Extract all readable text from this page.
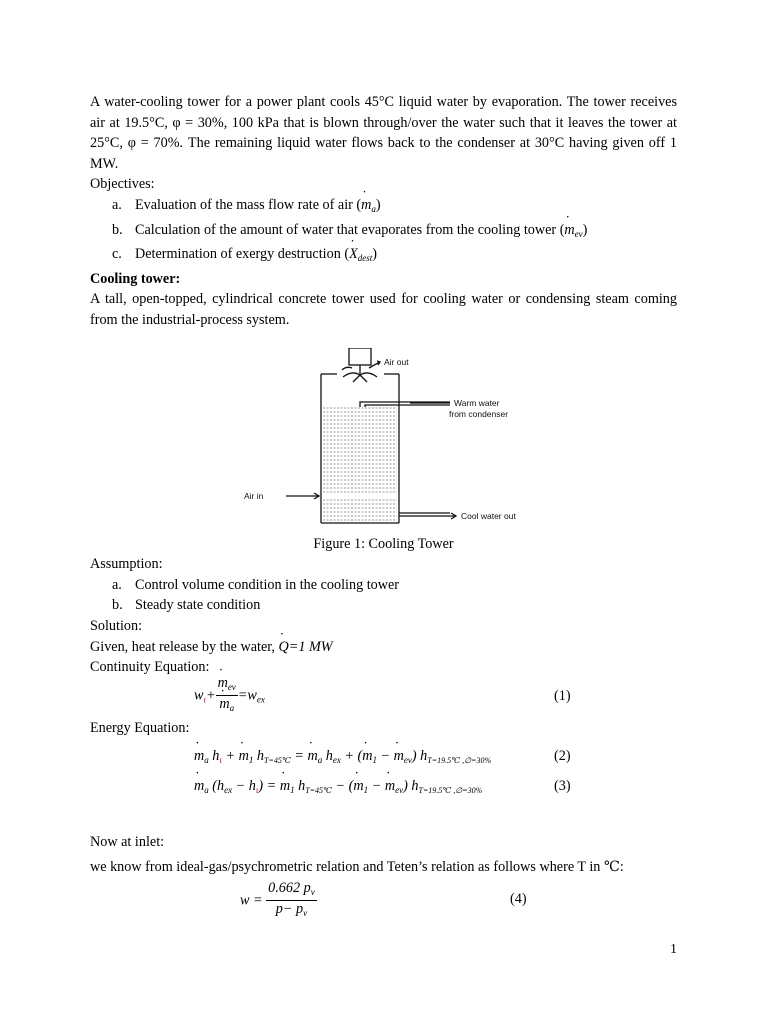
A water-cooling tower for a power plant cools 45°C liquid water by evaporation. The tower receives air at 19.5°C, φ = 30%, 100 kPa that is blown through/over the water such that it leaves the tower at 25°C, φ = 70%. The remaining liquid water flows back to the condenser at 30°C having given off 1 MW.

Objectives:

a. Evaluation of the mass flow rate of air (m $˙_a$)
b. Calculation of the amount of water that evaporates from the cooling tower (m $˙_{ev}$)
c. Determination of exergy destruction (X $˙_{dest}$)

Cooling tower:

A tall, open-topped, cylindrical concrete tower used for cooling water or condensing steam coming from the industrial-process system.

Air out
Warm water
from condenser
Air in
Cool water out

Figure 1: Cooling Tower

Assumption:

a. Control volume condition in the cooling tower
b. Steady state condition

Solution:

Given, heat release by the water, Q ˙=1 MW

Continuity Equation:

$w_\iota+ \frac{m ˙_{ev}}{m ˙_a} =w_{ex}$	(1)

Energy Equation:

m $˙_a$ $h_\iota + m$ $˙_1$ $h_{T=45℃} = m$ $˙_a$ $h_{ex} + (m$ $˙_1 - m$ $˙_{ev}$) $h_{T=19.5℃ ,\emptyset=30\%}$	(2)
m $˙_a$ $(h_{ex} - h_\iota) = m$ $˙_1$ $h_{T=45℃} - (m$ $˙_1 - m$ $˙_{ev}$) $h_{T=19.5℃ ,\emptyset=30\%}$	(3)

Now at inlet:

we know from ideal-gas/psychrometric relation and Teten’s relation as follows where T in ℃:

$w = \frac{0.662 p_v}{p- p_v}$	(4)
1
